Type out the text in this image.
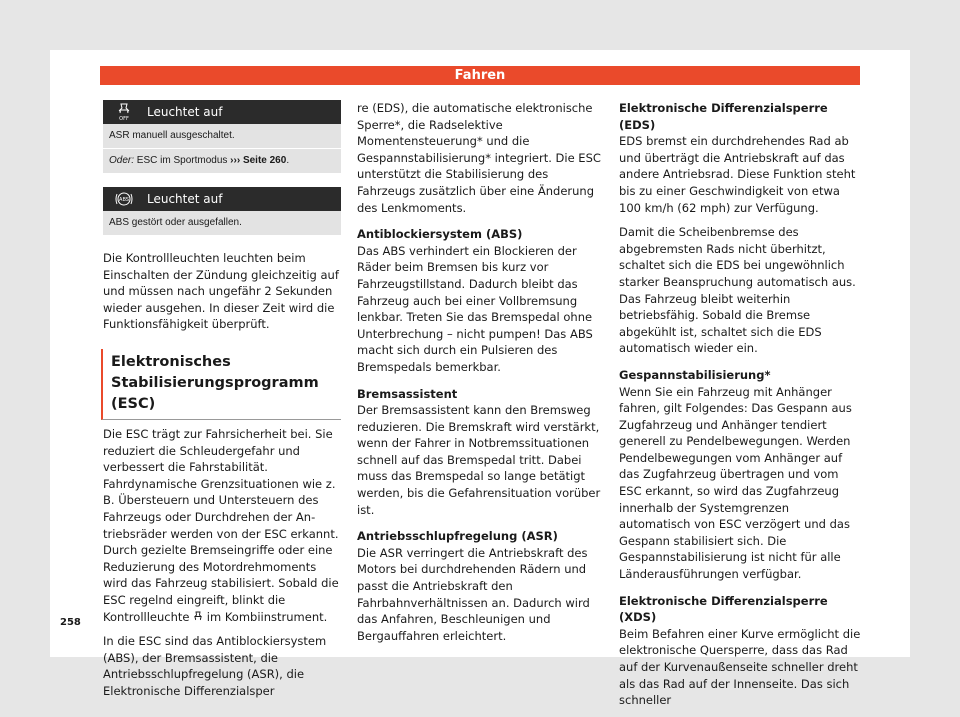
Fahren
OFF
Leuchtet auf
ASR manuell ausgeschaltet.
Oder: ESC im Sportmodus ››› Seite 260.
ABS Leuchtet auf
ABS gestört oder ausgefallen.

Die Kontrollleuchten leuchten beim Einschalten der Zündung gleichzeitig auf und müssen nach ungefähr 2 Sekunden wieder ausgehen. In dieser Zeit wird die Funktionsfähigkeit überprüft.

Elektronisches Stabilisierungsprogramm (ESC)

Die ESC trägt zur Fahrsicherheit bei. Sie reduziert die Schleudergefahr und verbessert die Fahrstabilität. Fahrdynamische Grenzsituationen wie z. B. Übersteuern und Untersteuern des Fahrzeugs oder Durchdrehen der Antriebsräder werden von der ESC erkannt. Durch gezielte Bremseingriffe oder eine Reduzierung des Motordrehmoments wird das Fahrzeug stabilisiert. Sobald die ESC regelnd eingreift, blinkt die Kontrollleuchte  im Kombiinstrument.

In die ESC sind das Antiblockiersystem (ABS), der Bremsassistent, die Antriebsschlupfregelung (ASR), die Elektronische Differenzialsper

re (EDS), die automatische elektronische Sperre*, die Radselektive Momentensteuerung* und die Gespannstabilisierung* integriert. Die ESC unterstützt die Stabilisierung des Fahrzeugs zusätzlich über eine Änderung des Lenkmoments.

Antiblockiersystem (ABS)

Das ABS verhindert ein Blockieren der Räder beim Bremsen bis kurz vor Fahrzeugstillstand. Dadurch bleibt das Fahrzeug auch bei einer Vollbremsung lenkbar. Treten Sie das Bremspedal ohne Unterbrechung – nicht pumpen! Das ABS macht sich durch ein Pulsieren des Bremspedals bemerkbar.

Bremsassistent

Der Bremsassistent kann den Bremsweg reduzieren. Die Bremskraft wird verstärkt, wenn der Fahrer in Notbremssituationen schnell auf das Bremspedal tritt. Dabei muss das Bremspedal so lange betätigt werden, bis die Gefahrensituation vorüber ist.

Antriebsschlupfregelung (ASR)

Die ASR verringert die Antriebskraft des Motors bei durchdrehenden Rädern und passt die Antriebskraft den Fahrbahnverhältnissen an. Dadurch wird das Anfahren, Beschleunigen und Bergauffahren erleichtert.

Elektronische Differenzialsperre (EDS)

EDS bremst ein durchdrehendes Rad ab und überträgt die Antriebskraft auf das andere Antriebsrad. Diese Funktion steht bis zu einer Geschwindigkeit von etwa 100 km/h (62 mph) zur Verfügung.

Damit die Scheibenbremse des abgebremsten Rads nicht überhitzt, schaltet sich die EDS bei ungewöhnlich starker Beanspruchung automatisch aus. Das Fahrzeug bleibt weiterhin betriebsfähig. Sobald die Bremse abgekühlt ist, schaltet sich die EDS automatisch wieder ein.

Gespannstabilisierung*

Wenn Sie ein Fahrzeug mit Anhänger fahren, gilt Folgendes: Das Gespann aus Zugfahrzeug und Anhänger tendiert generell zu Pendelbewegungen. Werden Pendelbewegungen vom Anhänger auf das Zugfahrzeug übertragen und vom ESC erkannt, so wird das Zugfahrzeug innerhalb der Systemgrenzen automatisch von ESC verzögert und das Gespann stabilisiert sich. Die Gespannstabilisierung ist nicht für alle Länderausführungen verfügbar.

Elektronische Differenzialsperre (XDS)

Beim Befahren einer Kurve ermöglicht die elektronische Quersperre, dass das Rad auf der Kurvenaußenseite schneller dreht als das Rad auf der Innenseite. Das sich schneller

258
